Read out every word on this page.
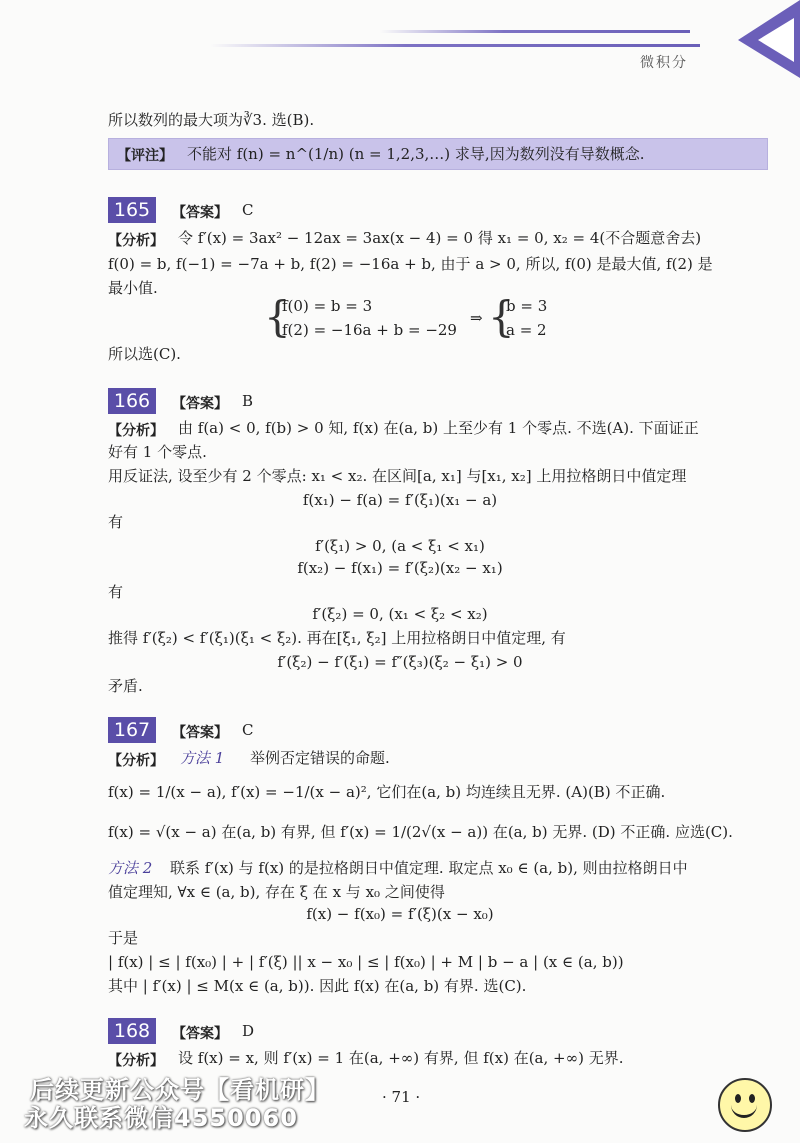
微积分
所以数列的最大项为∛3. 选(B).
【评注】 不能对 f(n) = n^(1/n) (n = 1,2,3,…) 求导,因为数列没有导数概念.
165	【答案】 C
【分析】 令 f′(x) = 3ax² − 12ax = 3ax(x − 4) = 0 得 x₁ = 0, x₂ = 4(不合题意舍去)
f(0) = b, f(−1) = −7a + b, f(2) = −16a + b, 由于 a > 0, 所以, f(0) 是最大值, f(2) 是
最小值.
{
f(0) = b = 3
f(2) = −16a + b = −29
⇒ {
b = 3
a = 2
所以选(C).
166	【答案】 B
【分析】 由 f(a) < 0, f(b) > 0 知, f(x) 在(a, b) 上至少有 1 个零点. 不选(A). 下面证正
好有 1 个零点.
用反证法, 设至少有 2 个零点: x₁ < x₂. 在区间[a, x₁] 与[x₁, x₂] 上用拉格朗日中值定理
f(x₁) − f(a) = f′(ξ₁)(x₁ − a)
有
f′(ξ₁) > 0, (a < ξ₁ < x₁)
f(x₂) − f(x₁) = f′(ξ₂)(x₂ − x₁)
有
f′(ξ₂) = 0, (x₁ < ξ₂ < x₂)
推得 f′(ξ₂) < f′(ξ₁)(ξ₁ < ξ₂). 再在[ξ₁, ξ₂] 上用拉格朗日中值定理, 有
f′(ξ₂) − f′(ξ₁) = f″(ξ₃)(ξ₂ − ξ₁) > 0
矛盾.
167	【答案】 C
【分析】 方法 1 举例否定错误的命题.
f(x) = 1/(x − a), f′(x) = −1/(x − a)², 它们在(a, b) 均连续且无界. (A)(B) 不正确.
f(x) = √(x − a) 在(a, b) 有界, 但 f′(x) = 1/(2√(x − a)) 在(a, b) 无界. (D) 不正确. 应选(C).
方法 2 联系 f′(x) 与 f(x) 的是拉格朗日中值定理. 取定点 x₀ ∈ (a, b), 则由拉格朗日中
值定理知, ∀x ∈ (a, b), 存在 ξ 在 x 与 x₀ 之间使得
f(x) − f(x₀) = f′(ξ)(x − x₀)
于是
| f(x) | ≤ | f(x₀) | + | f′(ξ) || x − x₀ | ≤ | f(x₀) | + M | b − a | (x ∈ (a, b))
其中 | f′(x) | ≤ M(x ∈ (a, b)). 因此 f(x) 在(a, b) 有界. 选(C).
168	【答案】 D
【分析】 设 f(x) = x, 则 f′(x) = 1 在(a, +∞) 有界, 但 f(x) 在(a, +∞) 无界.
后续更新公众号【看机研】
永久联系微信4550060
· 71 ·
